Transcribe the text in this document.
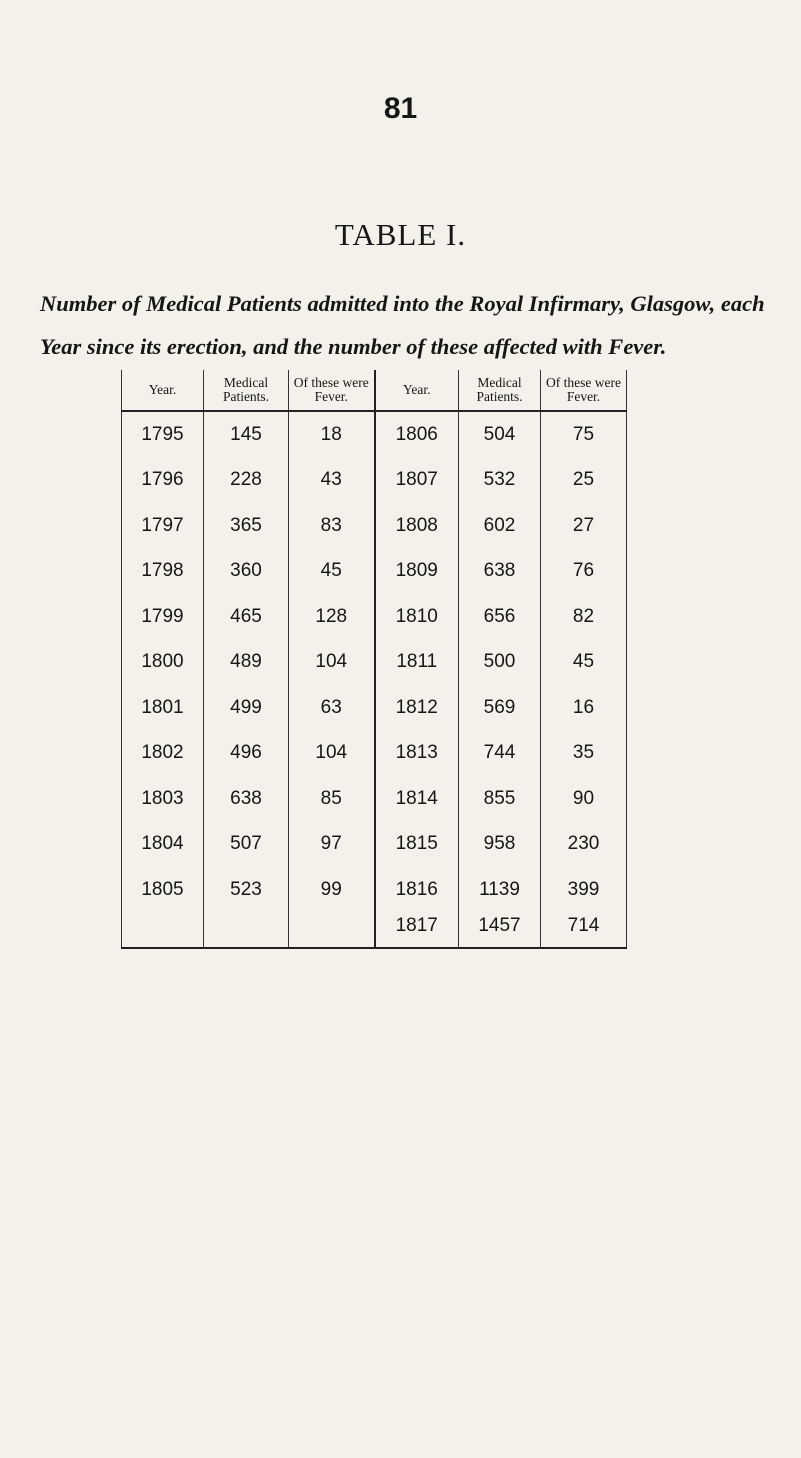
81
TABLE I.
Number of Medical Patients admitted into the Royal Infirmary, Glasgow, each Year since its erection, and the number of these affected with Fever.
Year.	Medical Patients.	Of these were Fever.	Year.	Medical Patients.	Of these were Fever.
1795	145	18	1806	504	75
1796	228	43	1807	532	25
1797	365	83	1808	602	27
1798	360	45	1809	638	76
1799	465	128	1810	656	82
1800	489	104	1811	500	45
1801	499	63	1812	569	16
1802	496	104	1813	744	35
1803	638	85	1814	855	90
1804	507	97	1815	958	230
1805	523	99	1816	1139	399
			1817	1457	714
